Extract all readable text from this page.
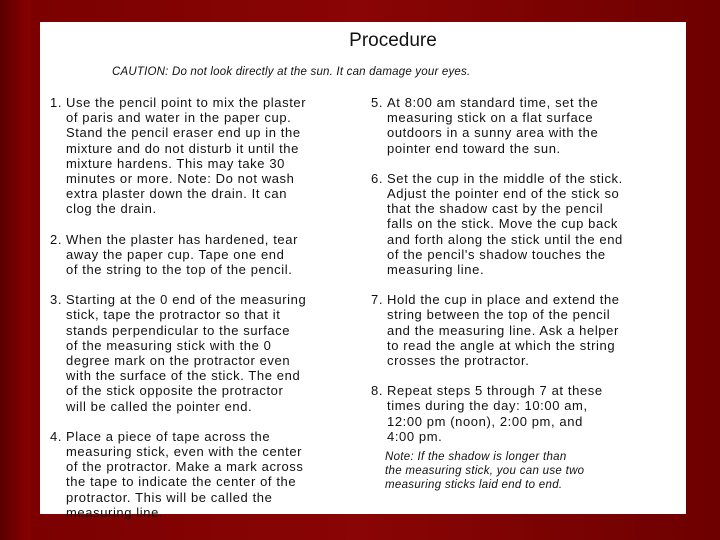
Procedure
CAUTION: Do not look directly at the sun. It can damage your eyes.
1. Use the pencil point to mix the plaster
of paris and water in the paper cup.
Stand the pencil eraser end up in the
mixture and do not disturb it until the
mixture hardens. This may take 30
minutes or more. Note: Do not wash
extra plaster down the drain. It can
clog the drain.
2. When the plaster has hardened, tear
away the paper cup. Tape one end
of the string to the top of the pencil.
3. Starting at the 0 end of the measuring
stick, tape the protractor so that it
stands perpendicular to the surface
of the measuring stick with the 0
degree mark on the protractor even
with the surface of the stick. The end
of the stick opposite the protractor
will be called the pointer end.
4. Place a piece of tape across the
measuring stick, even with the center
of the protractor. Make a mark across
the tape to indicate the center of the
protractor. This will be called the
measuring line.
5. At 8:00 am standard time, set the
measuring stick on a flat surface
outdoors in a sunny area with the
pointer end toward the sun.
6. Set the cup in the middle of the stick.
Adjust the pointer end of the stick so
that the shadow cast by the pencil
falls on the stick. Move the cup back
and forth along the stick until the end
of the pencil's shadow touches the
measuring line.
7. Hold the cup in place and extend the
string between the top of the pencil
and the measuring line. Ask a helper
to read the angle at which the string
crosses the protractor.
8. Repeat steps 5 through 7 at these
times during the day: 10:00 am,
12:00 pm (noon), 2:00 pm, and
4:00 pm.
Note: If the shadow is longer than
the measuring stick, you can use two
measuring sticks laid end to end.
